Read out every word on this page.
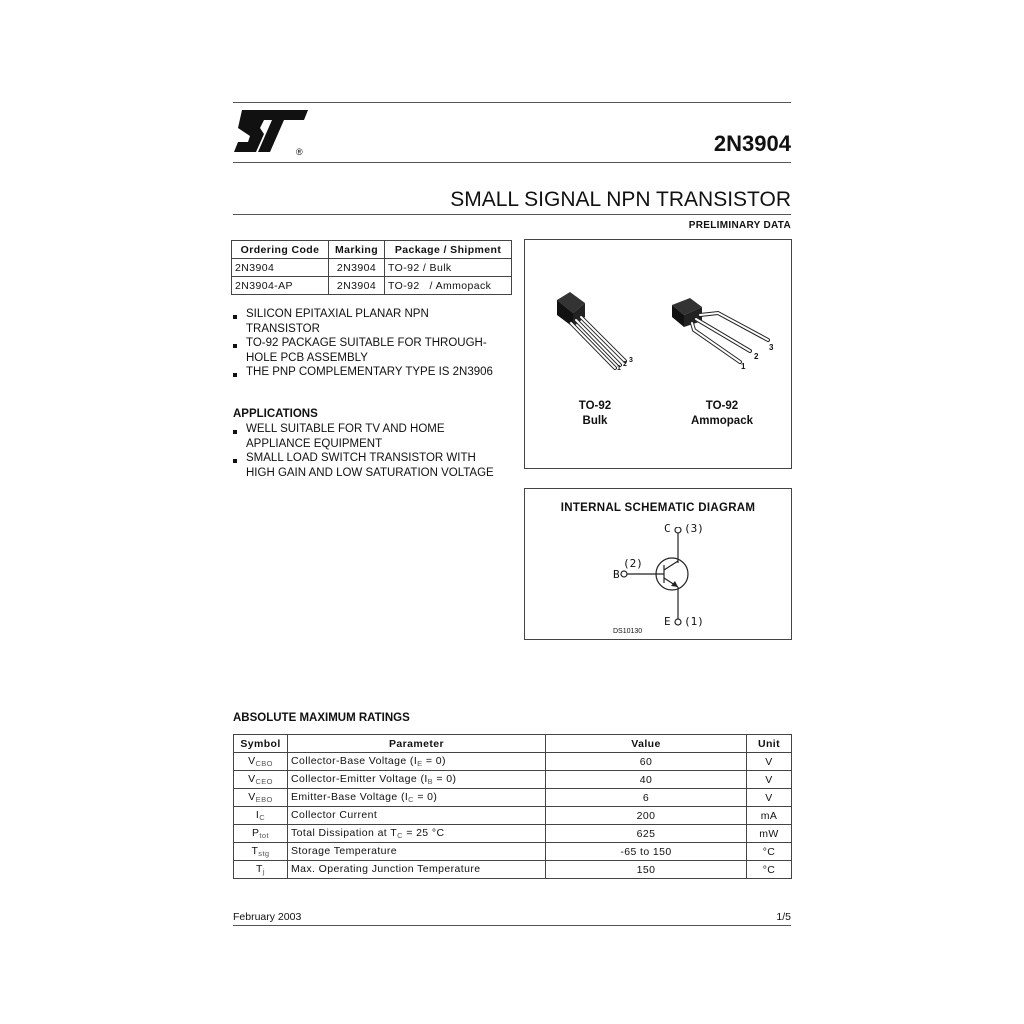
®	2N3904
SMALL SIGNAL NPN TRANSISTOR
PRELIMINARY DATA
Ordering Code	Marking	Package / Shipment
2N3904	2N3904	TO-92 / Bulk
2N3904-AP	2N3904	TO-92   / Ammopack
SILICON EPITAXIAL PLANAR NPN TRANSISTOR
TO-92 PACKAGE SUITABLE FOR THROUGH-HOLE PCB ASSEMBLY
THE PNP COMPLEMENTARY TYPE IS 2N3906
APPLICATIONS
WELL SUITABLE FOR TV AND HOME APPLIANCE EQUIPMENT
SMALL LOAD SWITCH TRANSISTOR WITH HIGH GAIN AND LOW SATURATION VOLTAGE
1
2
3
1
2
3
TO-92
Bulk
TO-92
Ammopack
INTERNAL SCHEMATIC DIAGRAM
C (3)
B
(2)
E (1)
DS10130
ABSOLUTE MAXIMUM RATINGS
Symbol	Parameter	Value	Unit
$V_{CBO}$	Collector-Base Voltage $(I_E = 0)$	60	V
$V_{CEO}$	Collector-Emitter Voltage $(I_B = 0)$	40	V
$V_{EBO}$	Emitter-Base Voltage $(I_C = 0)$	6	V
$I_C$	Collector Current	200	mA
$P_{tot}$	Total Dissipation at $T_C = 25$ °C	625	mW
$T_{stg}$	Storage Temperature	-65 to 150	°C
$T_j$	Max. Operating Junction Temperature	150	°C
February 2003	1/5
